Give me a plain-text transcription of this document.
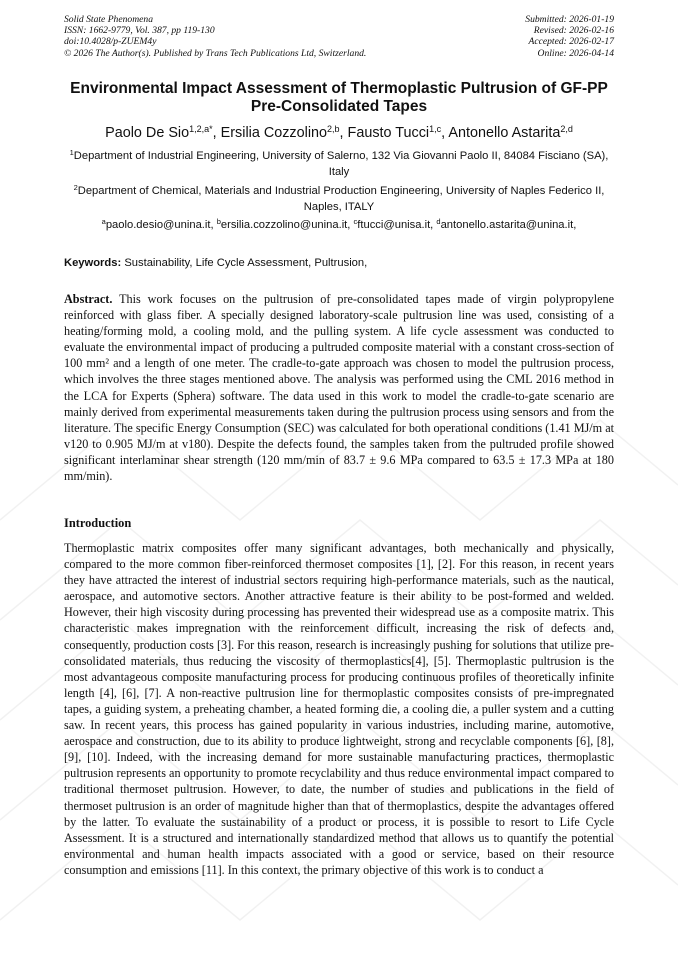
Solid State Phenomena
ISSN: 1662-9779, Vol. 387, pp 119-130
doi:10.4028/p-ZUEM4y
© 2026 The Author(s). Published by Trans Tech Publications Ltd, Switzerland.
Submitted: 2026-01-19
Revised: 2026-02-16
Accepted: 2026-02-17
Online: 2026-04-14
Environmental Impact Assessment of Thermoplastic Pultrusion of GF-PP Pre-Consolidated Tapes
Paolo De Sio$^{1,2,a*}$, Ersilia Cozzolino$^{2,b}$, Fausto Tucci$^{1,c}$, Antonello Astarita$^{2,d}$
$^1$Department of Industrial Engineering, University of Salerno, 132 Via Giovanni Paolo II, 84084 Fisciano (SA), Italy
$^2$Department of Chemical, Materials and Industrial Production Engineering, University of Naples Federico II, Naples, ITALY
$^a$paolo.desio@unina.it, $^b$ersilia.cozzolino@unina.it, $^c$ftucci@unisa.it, $^d$antonello.astarita@unina.it,
Keywords: Sustainability, Life Cycle Assessment, Pultrusion,
Abstract. This work focuses on the pultrusion of pre-consolidated tapes made of virgin polypropylene reinforced with glass fiber. A specially designed laboratory-scale pultrusion line was used, consisting of a heating/forming mold, a cooling mold, and the pulling system. A life cycle assessment was conducted to evaluate the environmental impact of producing a pultruded composite material with a constant cross-section of 100 mm² and a length of one meter. The cradle-to-gate approach was chosen to model the pultrusion process, which involves the three stages mentioned above. The analysis was performed using the CML 2016 method in the LCA for Experts (Sphera) software. The data used in this work to model the cradle-to-gate scenario are mainly derived from experimental measurements taken during the pultrusion process using sensors and from the literature. The specific Energy Consumption (SEC) was calculated for both operational conditions (1.41 MJ/m at v120 to 0.905 MJ/m at v180). Despite the defects found, the samples taken from the pultruded profile showed significant interlaminar shear strength (120 mm/min of 83.7 ± 9.6 MPa compared to 63.5 ± 17.3 MPa at 180 mm/min).
Introduction
Thermoplastic matrix composites offer many significant advantages, both mechanically and physically, compared to the more common fiber-reinforced thermoset composites [1], [2]. For this reason, in recent years they have attracted the interest of industrial sectors requiring high-performance materials, such as the nautical, aerospace, and automotive sectors. Another attractive feature is their ability to be post-formed and welded. However, their high viscosity during processing has prevented their widespread use as a composite matrix. This characteristic makes impregnation with the reinforcement difficult, increasing the risk of defects and, consequently, production costs [3]. For this reason, research is increasingly pushing for solutions that utilize pre-consolidated materials, thus reducing the viscosity of thermoplastics[4], [5]. Thermoplastic pultrusion is the most advantageous composite manufacturing process for producing continuous profiles of theoretically infinite length [4], [6], [7]. A non-reactive pultrusion line for thermoplastic composites consists of pre-impregnated tapes, a guiding system, a preheating chamber, a heated forming die, a cooling die, a puller system and a cutting saw. In recent years, this process has gained popularity in various industries, including marine, automotive, aerospace and construction, due to its ability to produce lightweight, strong and recyclable components [6], [8], [9], [10]. Indeed, with the increasing demand for more sustainable manufacturing practices, thermoplastic pultrusion represents an opportunity to promote recyclability and thus reduce environmental impact compared to traditional thermoset pultrusion. However, to date, the number of studies and publications in the field of thermoset pultrusion is an order of magnitude higher than that of thermoplastics, despite the advantages offered by the latter. To evaluate the sustainability of a product or process, it is possible to resort to Life Cycle Assessment. It is a structured and internationally standardized method that allows us to quantify the potential environmental and human health impacts associated with a good or service, based on their resource consumption and emissions [11]. In this context, the primary objective of this work is to conduct a
